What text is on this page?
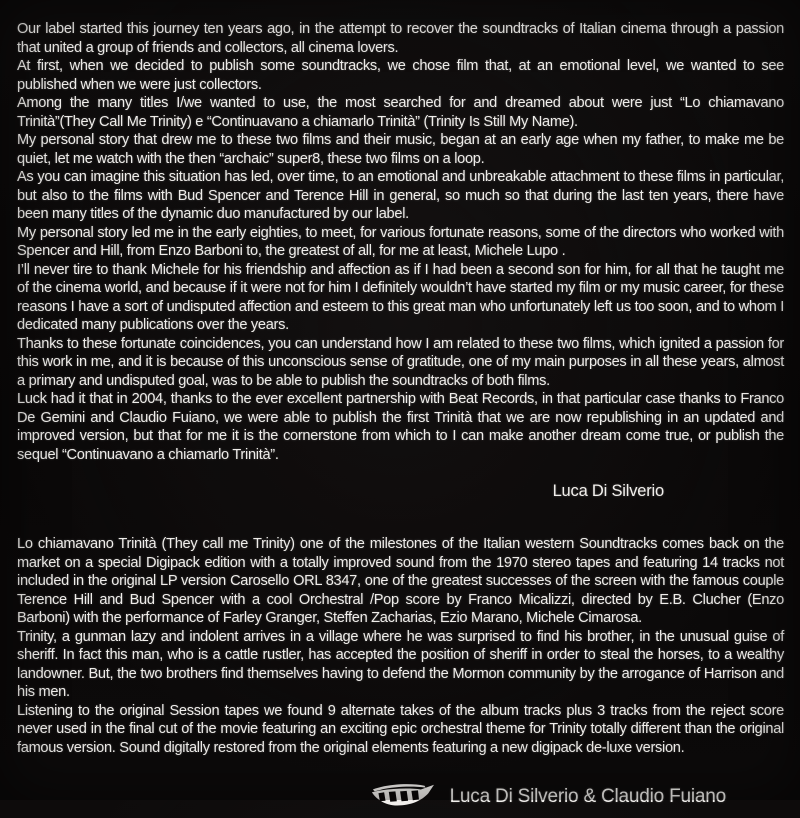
Our label started this journey ten years ago, in the attempt to recover the soundtracks of Italian cinema through a passion that united a group of friends and collectors, all cinema lovers.

At first, when we decided to publish some soundtracks, we chose film that, at an emotional level, we wanted to see published when we were just collectors.

Among the many titles I/we wanted to use, the most searched for and dreamed about were just “Lo chiamavano Trinità”(They Call Me Trinity) e “Continuavano a chiamarlo Trinità” (Trinity Is Still My Name).

My personal story that drew me to these two films and their music, began at an early age when my father, to make me be quiet, let me watch with the then “archaic” super8, these two films on a loop.

As you can imagine this situation has led, over time, to an emotional and unbreakable attachment to these films in particular, but also to the films with Bud Spencer and Terence Hill in general, so much so that during the last ten years, there have been many titles of the dynamic duo manufactured by our label.

My personal story led me in the early eighties, to meet, for various fortunate reasons, some of the directors who worked with Spencer and Hill, from Enzo Barboni to, the greatest of all, for me at least, Michele Lupo .

I’ll never tire to thank Michele for his friendship and affection as if I had been a second son for him, for all that he taught me of the cinema world, and because if it were not for him I definitely wouldn’t have started my film or my music career, for these reasons I have a sort of undisputed affection and esteem to this great man who unfortunately left us too soon, and to whom I dedicated many publications over the years.

Thanks to these fortunate coincidences, you can understand how I am related to these two films, which ignited a passion for this work in me, and it is because of this unconscious sense of gratitude, one of my main purposes in all these years, almost a primary and undisputed goal, was to be able to publish the soundtracks of both films.

Luck had it that in 2004, thanks to the ever excellent partnership with Beat Records, in that particular case thanks to Franco De Gemini and Claudio Fuiano, we were able to publish the first Trinità that we are now republishing in an updated and improved version, but that for me it is the cornerstone from which to I can make another dream come true, or publish the sequel “Continuavano a chiamarlo Trinità”.

Luca Di Silverio

Lo chiamavano Trinità (They call me Trinity) one of the milestones of the Italian western Soundtracks comes back on the market on a special Digipack edition with a totally improved sound from the 1970 stereo tapes and featuring 14 tracks not included in the original LP version Carosello ORL 8347, one of the greatest successes of the screen with the famous couple Terence Hill and Bud Spencer with a cool Orchestral /Pop score by Franco Micalizzi, directed by E.B. Clucher (Enzo Barboni) with the performance of Farley Granger, Steffen Zacharias, Ezio Marano, Michele Cimarosa.

Trinity, a gunman lazy and indolent arrives in a village where he was surprised to find his brother, in the unusual guise of sheriff. In fact this man, who is a cattle rustler, has accepted the position of sheriff in order to steal the horses, to a wealthy landowner. But, the two brothers find themselves having to defend the Mormon community by the arrogance of Harrison and his men.

Listening to the original Session tapes we found 9 alternate takes of the album tracks plus 3 tracks from the reject score never used in the final cut of the movie featuring an exciting epic orchestral theme for Trinity totally different than the original famous version. Sound digitally restored from the original elements featuring a new digipack de-luxe version.

Luca Di Silverio & Claudio Fuiano
